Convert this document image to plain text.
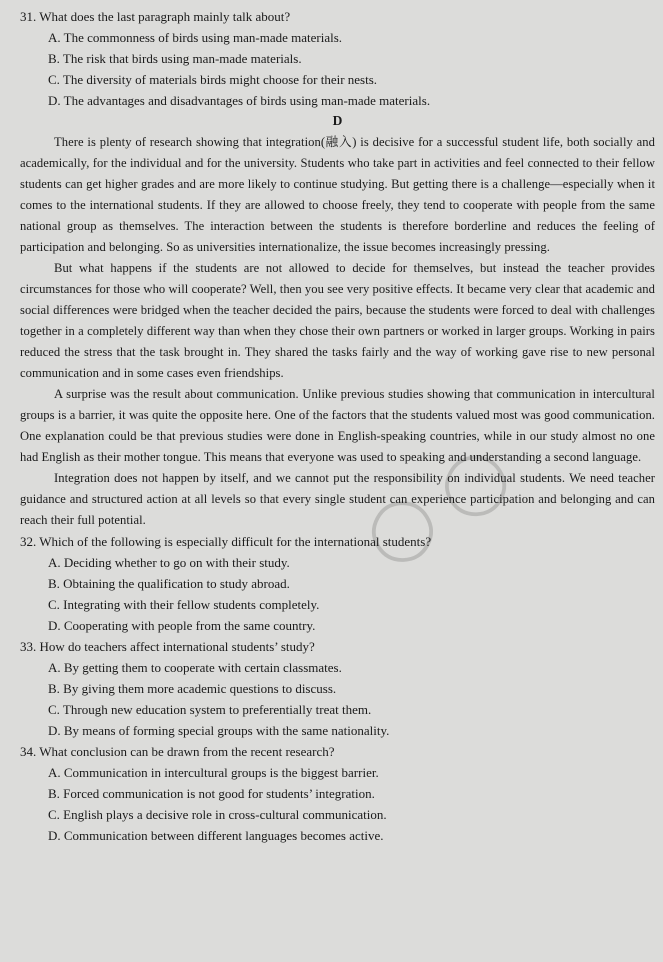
31. What does the last paragraph mainly talk about?

A. The commonness of birds using man-made materials.

B. The risk that birds using man-made materials.

C. The diversity of materials birds might choose for their nests.

D. The advantages and disadvantages of birds using man-made materials.

D

There is plenty of research showing that integration(融入) is decisive for a successful student life, both socially and academically, for the individual and for the university. Students who take part in activities and feel connected to their fellow students can get higher grades and are more likely to continue studying. But getting there is a challenge—especially when it comes to the international students. If they are allowed to choose freely, they tend to cooperate with people from the same national group as themselves. The interaction between the students is therefore borderline and reduces the feeling of participation and belonging. So as universities internationalize, the issue becomes increasingly pressing.

But what happens if the students are not allowed to decide for themselves, but instead the teacher provides circumstances for those who will cooperate? Well, then you see very positive effects. It became very clear that academic and social differences were bridged when the teacher decided the pairs, because the students were forced to deal with challenges together in a completely different way than when they chose their own partners or worked in larger groups. Working in pairs reduced the stress that the task brought in. They shared the tasks fairly and the way of working gave rise to new personal communication and in some cases even friendships.

A surprise was the result about communication. Unlike previous studies showing that communication in intercultural groups is a barrier, it was quite the opposite here. One of the factors that the students valued most was good communication. One explanation could be that previous studies were done in English-speaking countries, while in our study almost no one had English as their mother tongue. This means that everyone was used to speaking and understanding a second language.

Integration does not happen by itself, and we cannot put the responsibility on individual students. We need teacher guidance and structured action at all levels so that every single student can experience participation and belonging and can reach their full potential.

32. Which of the following is especially difficult for the international students?

A. Deciding whether to go on with their study.

B. Obtaining the qualification to study abroad.

C. Integrating with their fellow students completely.

D. Cooperating with people from the same country.

33. How do teachers affect international students’ study?

A. By getting them to cooperate with certain classmates.

B. By giving them more academic questions to discuss.

C. Through new education system to preferentially treat them.

D. By means of forming special groups with the same nationality.

34. What conclusion can be drawn from the recent research?

A. Communication in intercultural groups is the biggest barrier.

B. Forced communication is not good for students’ integration.

C. English plays a decisive role in cross-cultural communication.

D. Communication between different languages becomes active.

◯ ◯
